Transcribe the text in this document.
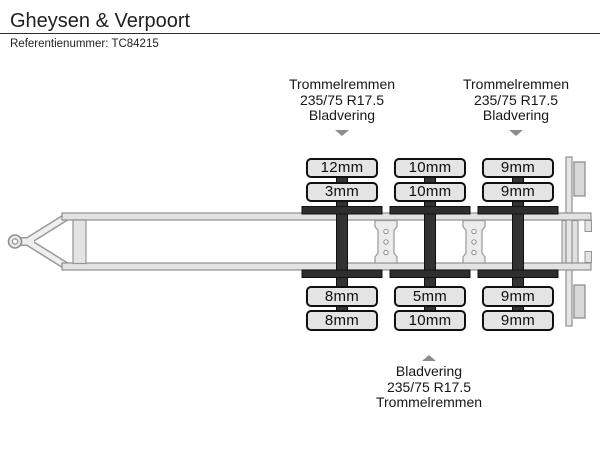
Gheysen & Verpoort
Referentienummer: TC84215
Trommelremmen
235/75 R17.5
Bladvering
Trommelremmen
235/75 R17.5
Bladvering
Bladvering
235/75 R17.5
Trommelremmen
12mm
3mm
10mm
10mm
9mm
9mm
8mm
8mm
5mm
10mm
9mm
9mm
